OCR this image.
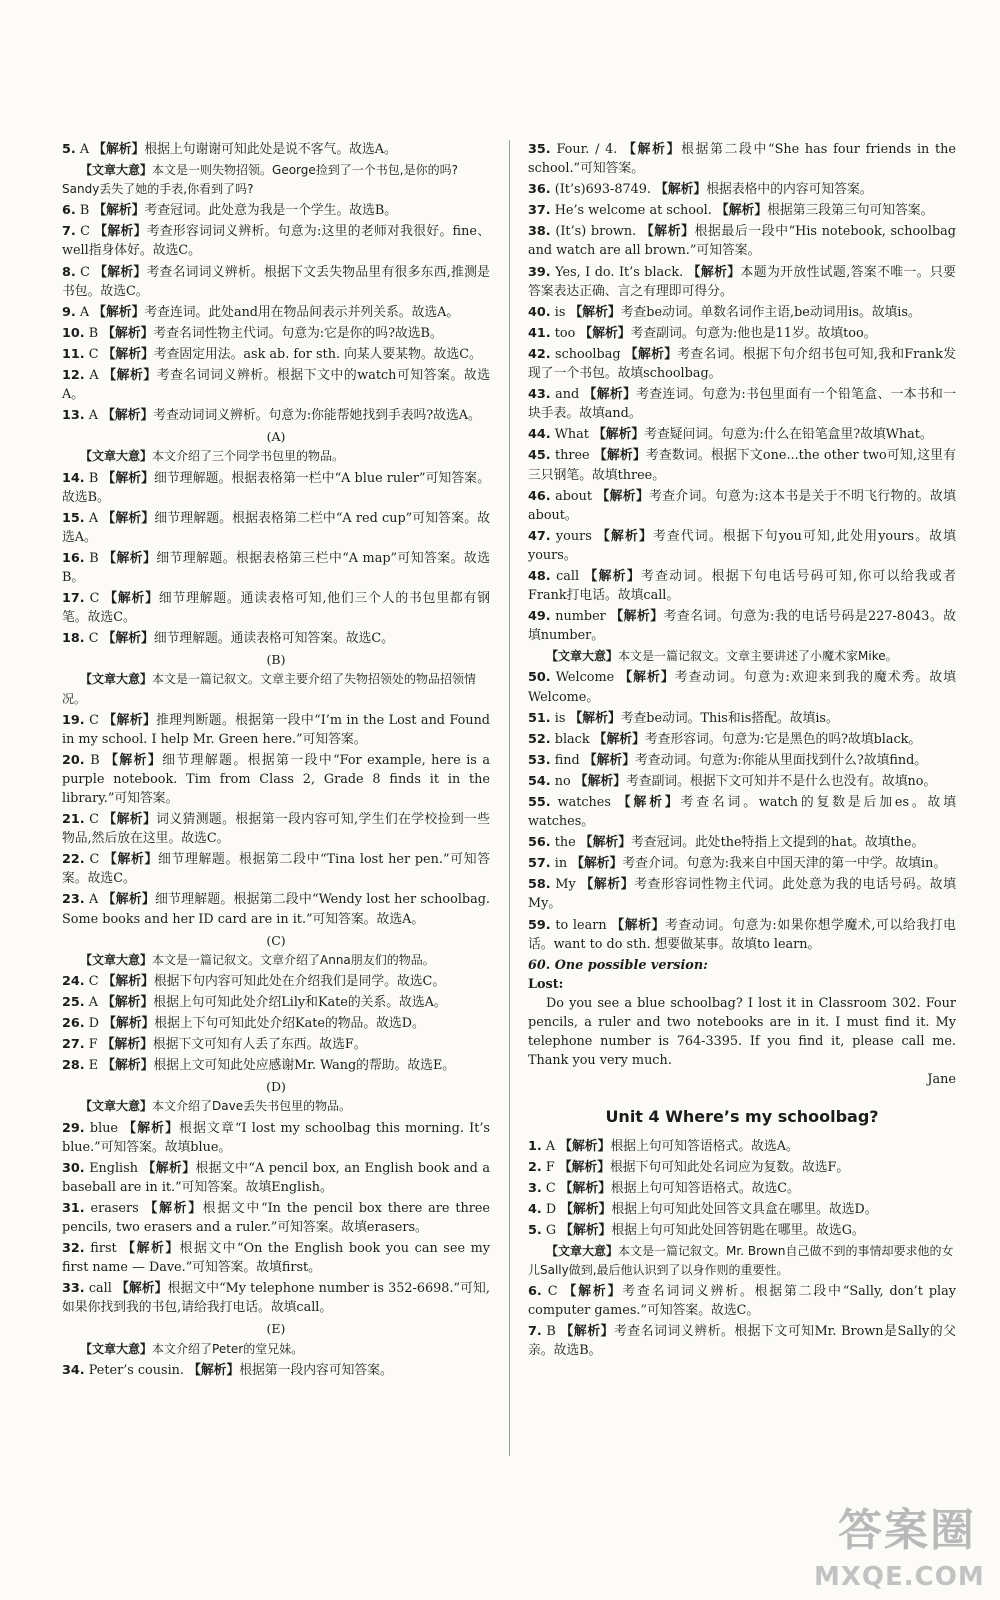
5. A 【解析】根据上句谢谢可知此处是说不客气。故选A。

【文章大意】本文是一则失物招领。George捡到了一个书包,是你的吗?Sandy丢失了她的手表,你看到了吗?

6. B 【解析】考查冠词。此处意为我是一个学生。故选B。

7. C 【解析】考查形容词词义辨析。句意为:这里的老师对我很好。fine、well指身体好。故选C。

8. C 【解析】考查名词词义辨析。根据下文丢失物品里有很多东西,推测是书包。故选C。

9. A 【解析】考查连词。此处and用在物品间表示并列关系。故选A。

10. B 【解析】考查名词性物主代词。句意为:它是你的吗?故选B。

11. C 【解析】考查固定用法。ask ab. for sth. 向某人要某物。故选C。

12. A 【解析】考查名词词义辨析。根据下文中的watch可知答案。故选A。

13. A 【解析】考查动词词义辨析。句意为:你能帮她找到手表吗?故选A。

(A)

【文章大意】本文介绍了三个同学书包里的物品。

14. B 【解析】细节理解题。根据表格第一栏中“A blue ruler”可知答案。故选B。

15. A 【解析】细节理解题。根据表格第二栏中“A red cup”可知答案。故选A。

16. B 【解析】细节理解题。根据表格第三栏中“A map”可知答案。故选B。

17. C 【解析】细节理解题。通读表格可知,他们三个人的书包里都有钢笔。故选C。

18. C 【解析】细节理解题。通读表格可知答案。故选C。

(B)

【文章大意】本文是一篇记叙文。文章主要介绍了失物招领处的物品招领情况。

19. C 【解析】推理判断题。根据第一段中“I’m in the Lost and Found in my school. I help Mr. Green here.”可知答案。

20. B 【解析】细节理解题。根据第一段中“For example, here is a purple notebook. Tim from Class 2, Grade 8 finds it in the library.”可知答案。

21. C 【解析】词义猜测题。根据第一段内容可知,学生们在学校捡到一些物品,然后放在这里。故选C。

22. C 【解析】细节理解题。根据第二段中“Tina lost her pen.”可知答案。故选C。

23. A 【解析】细节理解题。根据第二段中“Wendy lost her schoolbag. Some books and her ID card are in it.”可知答案。故选A。

(C)

【文章大意】本文是一篇记叙文。文章介绍了Anna朋友们的物品。

24. C 【解析】根据下句内容可知此处在介绍我们是同学。故选C。

25. A 【解析】根据上句可知此处介绍Lily和Kate的关系。故选A。

26. D 【解析】根据上下句可知此处介绍Kate的物品。故选D。

27. F 【解析】根据下文可知有人丢了东西。故选F。

28. E 【解析】根据上文可知此处应感谢Mr. Wang的帮助。故选E。

(D)

【文章大意】本文介绍了Dave丢失书包里的物品。

29. blue 【解析】根据文章“I lost my schoolbag this morning. It’s blue.”可知答案。故填blue。

30. English 【解析】根据文中“A pencil box, an English book and a baseball are in it.”可知答案。故填English。

31. erasers 【解析】根据文中“In the pencil box there are three pencils, two erasers and a ruler.”可知答案。故填erasers。

32. first 【解析】根据文中“On the English book you can see my first name — Dave.”可知答案。故填first。

33. call 【解析】根据文中“My telephone number is 352-6698.”可知,如果你找到我的书包,请给我打电话。故填call。

(E)

【文章大意】本文介绍了Peter的堂兄妹。

34. Peter’s cousin. 【解析】根据第一段内容可知答案。

35. Four. / 4. 【解析】根据第二段中“She has four friends in the school.”可知答案。

36. (It’s)693-8749. 【解析】根据表格中的内容可知答案。

37. He’s welcome at school. 【解析】根据第三段第三句可知答案。

38. (It’s) brown. 【解析】根据最后一段中“His notebook, schoolbag and watch are all brown.”可知答案。

39. Yes, I do. It’s black. 【解析】本题为开放性试题,答案不唯一。只要答案表达正确、言之有理即可得分。

40. is 【解析】考查be动词。单数名词作主语,be动词用is。故填is。

41. too 【解析】考查副词。句意为:他也是11岁。故填too。

42. schoolbag 【解析】考查名词。根据下句介绍书包可知,我和Frank发现了一个书包。故填schoolbag。

43. and 【解析】考查连词。句意为:书包里面有一个铅笔盒、一本书和一块手表。故填and。

44. What 【解析】考查疑问词。句意为:什么在铅笔盒里?故填What。

45. three 【解析】考查数词。根据下文one...the other two可知,这里有三只钢笔。故填three。

46. about 【解析】考查介词。句意为:这本书是关于不明飞行物的。故填about。

47. yours 【解析】考查代词。根据下句you可知,此处用yours。故填yours。

48. call 【解析】考查动词。根据下句电话号码可知,你可以给我或者Frank打电话。故填call。

49. number 【解析】考查名词。句意为:我的电话号码是227-8043。故填number。

【文章大意】本文是一篇记叙文。文章主要讲述了小魔术家Mike。

50. Welcome 【解析】考查动词。句意为:欢迎来到我的魔术秀。故填Welcome。

51. is 【解析】考查be动词。This和is搭配。故填is。

52. black 【解析】考查形容词。句意为:它是黑色的吗?故填black。

53. find 【解析】考查动词。句意为:你能从里面找到什么?故填find。

54. no 【解析】考查副词。根据下文可知并不是什么也没有。故填no。

55. watches 【解析】考查名词。watch的复数是后加es。故填watches。

56. the 【解析】考查冠词。此处the特指上文提到的hat。故填the。

57. in 【解析】考查介词。句意为:我来自中国天津的第一中学。故填in。

58. My 【解析】考查形容词性物主代词。此处意为我的电话号码。故填My。

59. to learn 【解析】考查动词。句意为:如果你想学魔术,可以给我打电话。want to do sth. 想要做某事。故填to learn。

60. One possible version:

Lost:

Do you see a blue schoolbag? I lost it in Classroom 302. Four pencils, a ruler and two notebooks are in it. I must find it. My telephone number is 764-3395. If you find it, please call me. Thank you very much.

Jane

Unit 4 Where’s my schoolbag?

1. A 【解析】根据上句可知答语格式。故选A。

2. F 【解析】根据下句可知此处名词应为复数。故选F。

3. C 【解析】根据上句可知答语格式。故选C。

4. D 【解析】根据上句可知此处回答文具盒在哪里。故选D。

5. G 【解析】根据上句可知此处回答钥匙在哪里。故选G。

【文章大意】本文是一篇记叙文。Mr. Brown自己做不到的事情却要求他的女儿Sally做到,最后他认识到了以身作则的重要性。

6. C 【解析】考查名词词义辨析。根据第二段中“Sally, don’t play computer games.”可知答案。故选C。

7. B 【解析】考查名词词义辨析。根据下文可知Mr. Brown是Sally的父亲。故选B。

答案圈
MXQE.COM
